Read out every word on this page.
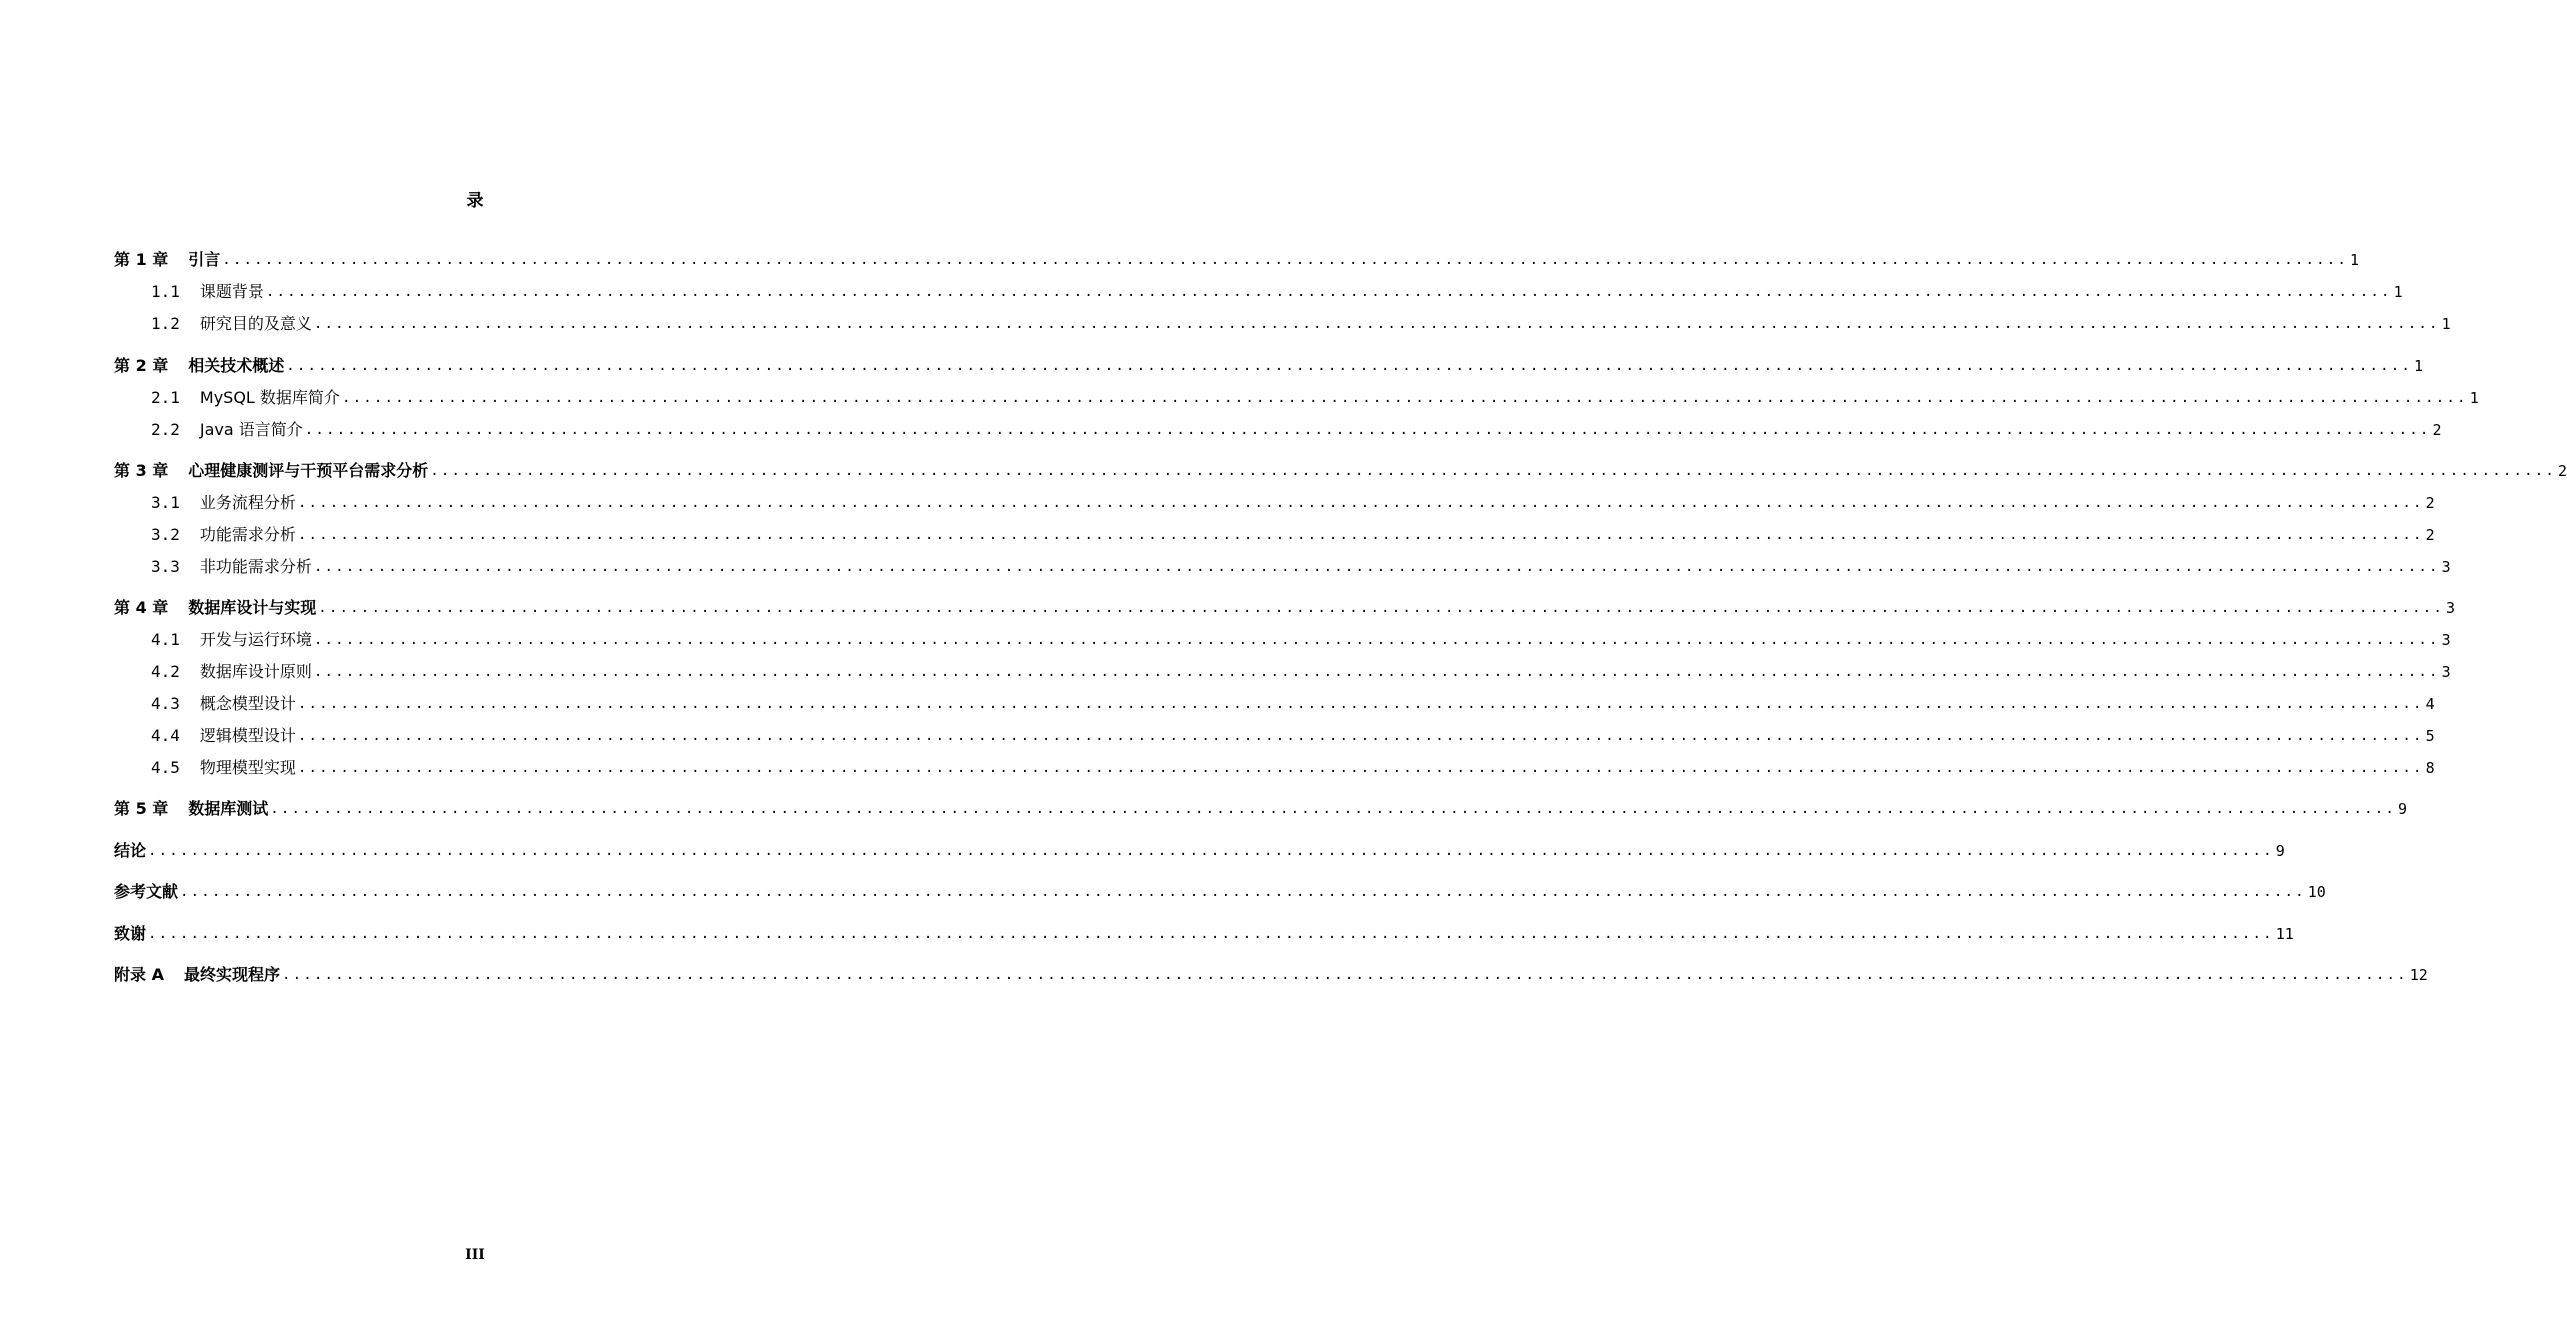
录
第 1 章 引言 ........................................................................................................................................................................................................ 1
1.1 课题背景 ........................................................................................................................................................................................................ 1
1.2 研究目的及意义 ........................................................................................................................................................................................................ 1
第 2 章 相关技术概述 ........................................................................................................................................................................................................ 1
2.1 MySQL 数据库简介 ........................................................................................................................................................................................................ 1
2.2 Java 语言简介 ........................................................................................................................................................................................................ 2
第 3 章 心理健康测评与干预平台需求分析 ........................................................................................................................................................................................................ 2
3.1 业务流程分析 ........................................................................................................................................................................................................ 2
3.2 功能需求分析 ........................................................................................................................................................................................................ 2
3.3 非功能需求分析 ........................................................................................................................................................................................................ 3
第 4 章 数据库设计与实现 ........................................................................................................................................................................................................ 3
4.1 开发与运行环境 ........................................................................................................................................................................................................ 3
4.2 数据库设计原则 ........................................................................................................................................................................................................ 3
4.3 概念模型设计 ........................................................................................................................................................................................................ 4
4.4 逻辑模型设计 ........................................................................................................................................................................................................ 5
4.5 物理模型实现 ........................................................................................................................................................................................................ 8
第 5 章 数据库测试 ........................................................................................................................................................................................................ 9
结论 ........................................................................................................................................................................................................ 9
参考文献 ........................................................................................................................................................................................................ 10
致谢 ........................................................................................................................................................................................................ 11
附录 A 最终实现程序 ........................................................................................................................................................................................................ 12
III
